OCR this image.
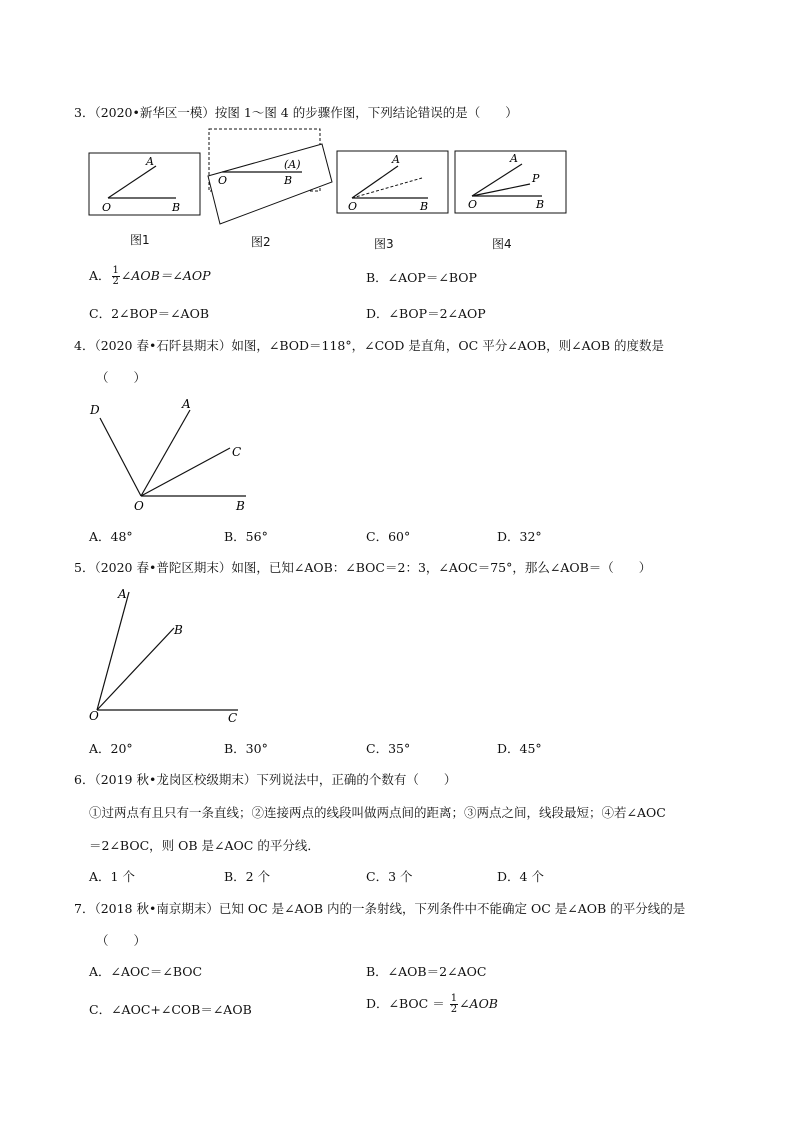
3．（2020•新华区一模）按图 1～图 4 的步骤作图，下列结论错误的是（　　）
A
O	B
O	B
(A)	A
O	B
A
P
O	B
图1	图2	图3	图4
A． $\frac{1}{2}$ ∠AOB＝∠AOP	B．∠AOP＝∠BOP
C．2∠BOP＝∠AOB	D．∠BOP＝2∠AOP
4．（2020 春•石阡县期末）如图，∠BOD＝118°，∠COD 是直角，OC 平分∠AOB，则∠AOB 的度数是
（　　）
D	A
C
O	B
A．48°	B．56°	C．60°	D．32°
5．（2020 春•普陀区期末）如图，已知∠AOB：∠BOC＝2：3，∠AOC＝75°，那么∠AOB＝（　　）
A
B
O	C
A．20°	B．30°	C．35°	D．45°
6．（2019 秋•龙岗区校级期末）下列说法中，正确的个数有（　　）
①过两点有且只有一条直线；②连接两点的线段叫做两点间的距离；③两点之间，线段最短；④若∠AOC
＝2∠BOC，则 OB 是∠AOC 的平分线．
A．1 个	B．2 个	C．3 个	D．4 个
7．（2018 秋•南京期末）已知 OC 是∠AOB 内的一条射线，下列条件中不能确定 OC 是∠AOB 的平分线的是
（　　）
A．∠AOC＝∠BOC	B．∠AOB＝2∠AOC
C．∠AOC+∠COB＝∠AOB	D．∠BOC ＝ $\frac{1}{2}$ ∠AOB
